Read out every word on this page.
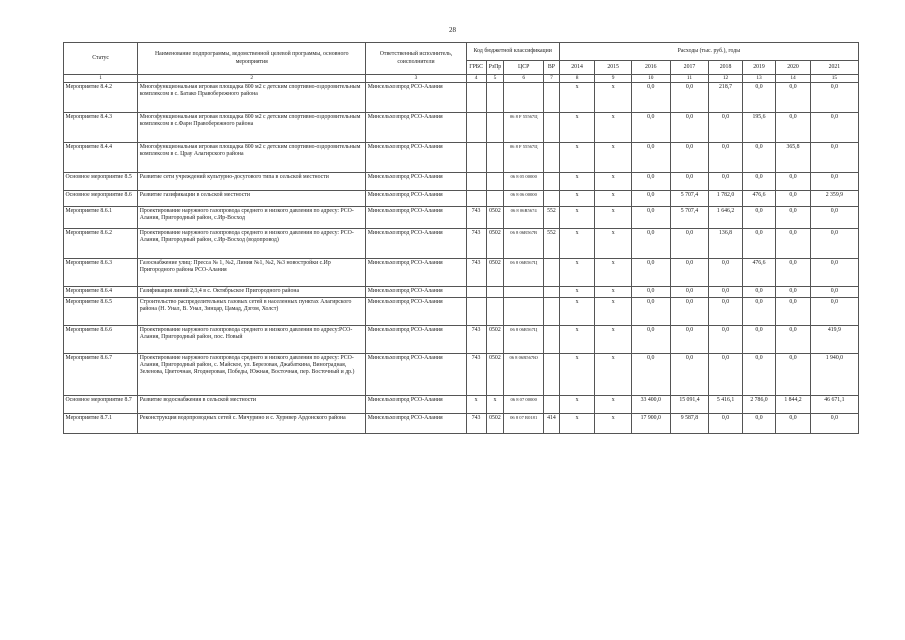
28
Статус	Наименование подпрограммы, ведомственной целевой программы, основного мероприятия	Ответственный исполнитель, соисполнители	Код бюджетной классификации				Расходы (тыс. руб.), годы							
			ГРБС	РзПр	ЦСР	ВР	2014	2015	2016	2017	2018	2019	2020	2021
1	2	3	4	5	6	7	8	9	10	11	12	13	14	15
Мероприятие 8.4.2	Многофункциональная игровая площадка 800 м2 с детским спортивно-оздоровительным комплексом в с. Батако Правобережного района	Минсельхозпрод РСО-Алания					x	x	0,0	0,0	218,7	0,0	0,0	0,0
Мероприятие 8.4.3	Многофункциональная игровая площадка 800 м2 с детским спортивно-оздоровительным комплексом в с.Фарн Правобережного района	Минсельхозпрод РСО-Алания			06 8 F 55567Ц		x	x	0,0	0,0	0,0	195,6	0,0	0,0
Мероприятие 8.4.4	Многофункциональная игровая площадка 800 м2 с детским спортивно-оздоровительным комплексом в с. Црау Алагирского района	Минсельхозпрод РСО-Алания			06 8 F 55567Ц		x	x	0,0	0,0	0,0	0,0	365,8	0,0
Основное мероприятие 8.5	Развитие сети учреждений культурно-досугового типа в сельской местности	Минсельхозпрод РСО-Алания			06 8 05 00000		x	x	0,0	0,0	0,0	0,0	0,0	0,0
Основное мероприятие 8.6	Развитие газификации в сельской местности	Минсельхозпрод РСО-Алания			06 8 06 00000		x	x	0,0	5 707,4	1 782,0	476,6	0,0	2 359,9
Мероприятие 8.6.1	Проектирование наружного газопровода среднего и низкого давления по адресу: РСО-Алания, Пригородный район, с.Ир-Восход	Минсельхозпрод РСО-Алания	743	0502	06 8 06R5674	552	x	x	0,0	5 707,4	1 646,2	0,0	0,0	0,0
Мероприятие 8.6.2	Проектирование наружного газопровода среднего и низкого давления по адресу: РСО-Алания, Пригородный район, с.Ир-Восход (водопровод)	Минсельхозпрод РСО-Алания	743	0502	06 8 06R567B	552	x	x	0,0	0,0	136,8	0,0	0,0	0,0
Мероприятие 8.6.3	Газоснабжение улиц: Пресса № 1, №2, Линия №1, №2, №3 новостройки с.Ир Пригородного района РСО-Алания	Минсельхозпрод РСО-Алания	743	0502	06 8 06R567Ц		x	x	0,0	0,0	0,0	476,6	0,0	0,0
Мероприятие 8.6.4	Газификация линий 2,3,4 в с. Октябрьское Пригородного района	Минсельхозпрод РСО-Алания					x	x	0,0	0,0	0,0	0,0	0,0	0,0
Мероприятие 8.6.5	Строительство распределительных газовых сетей в населенных пунктах Алагирского района (Н. Унал, В. Унал, Зинцар, Цамад, Дзгом, Холст)	Минсельхозпрод РСО-Алания					x	x	0,0	0,0	0,0	0,0	0,0	0,0
Мероприятие 8.6.6	Проектирование наружного газопровода среднего и низкого давления по адресу:РСО-Алания, Пригородный район, пос. Новый	Минсельхозпрод РСО-Алания	743	0502	06 8 06R567Ц		x	x	0,0	0,0	0,0	0,0	0,0	419,9
Мероприятие 8.6.7	Проектирование наружного газопровода среднего и низкого давления по адресу: РСО-Алания, Пригородный район, с. Майское, ул. Березовая, Джабаткина, Виноградная, Зеленова, Цветочная, Ягоднеровая, Победы, Южная, Восточная, пер. Восточный и др.)	Минсельхозпрод РСО-Алания	743	0502	06 8 06R567Ю		x	x	0,0	0,0	0,0	0,0	0,0	1 940,0
Основное мероприятие 8.7	Развитие водоснабжения в сельской местности	Минсельхозпрод РСО-Алания	x	x	06 8 07 00000		x	x	33 400,0	15 091,4	5 416,1	2 786,0	1 844,2	46 671,1
Мероприятие 8.7.1	Реконструкция водопроводных сетей с. Мичурино и с. Хурнвер Ардонского района	Минсельхозпрод РСО-Алания	743	0502	06 8 07 R0181	414	x	x	17 900,0	9 587,8	0,0	0,0	0,0	0,0
